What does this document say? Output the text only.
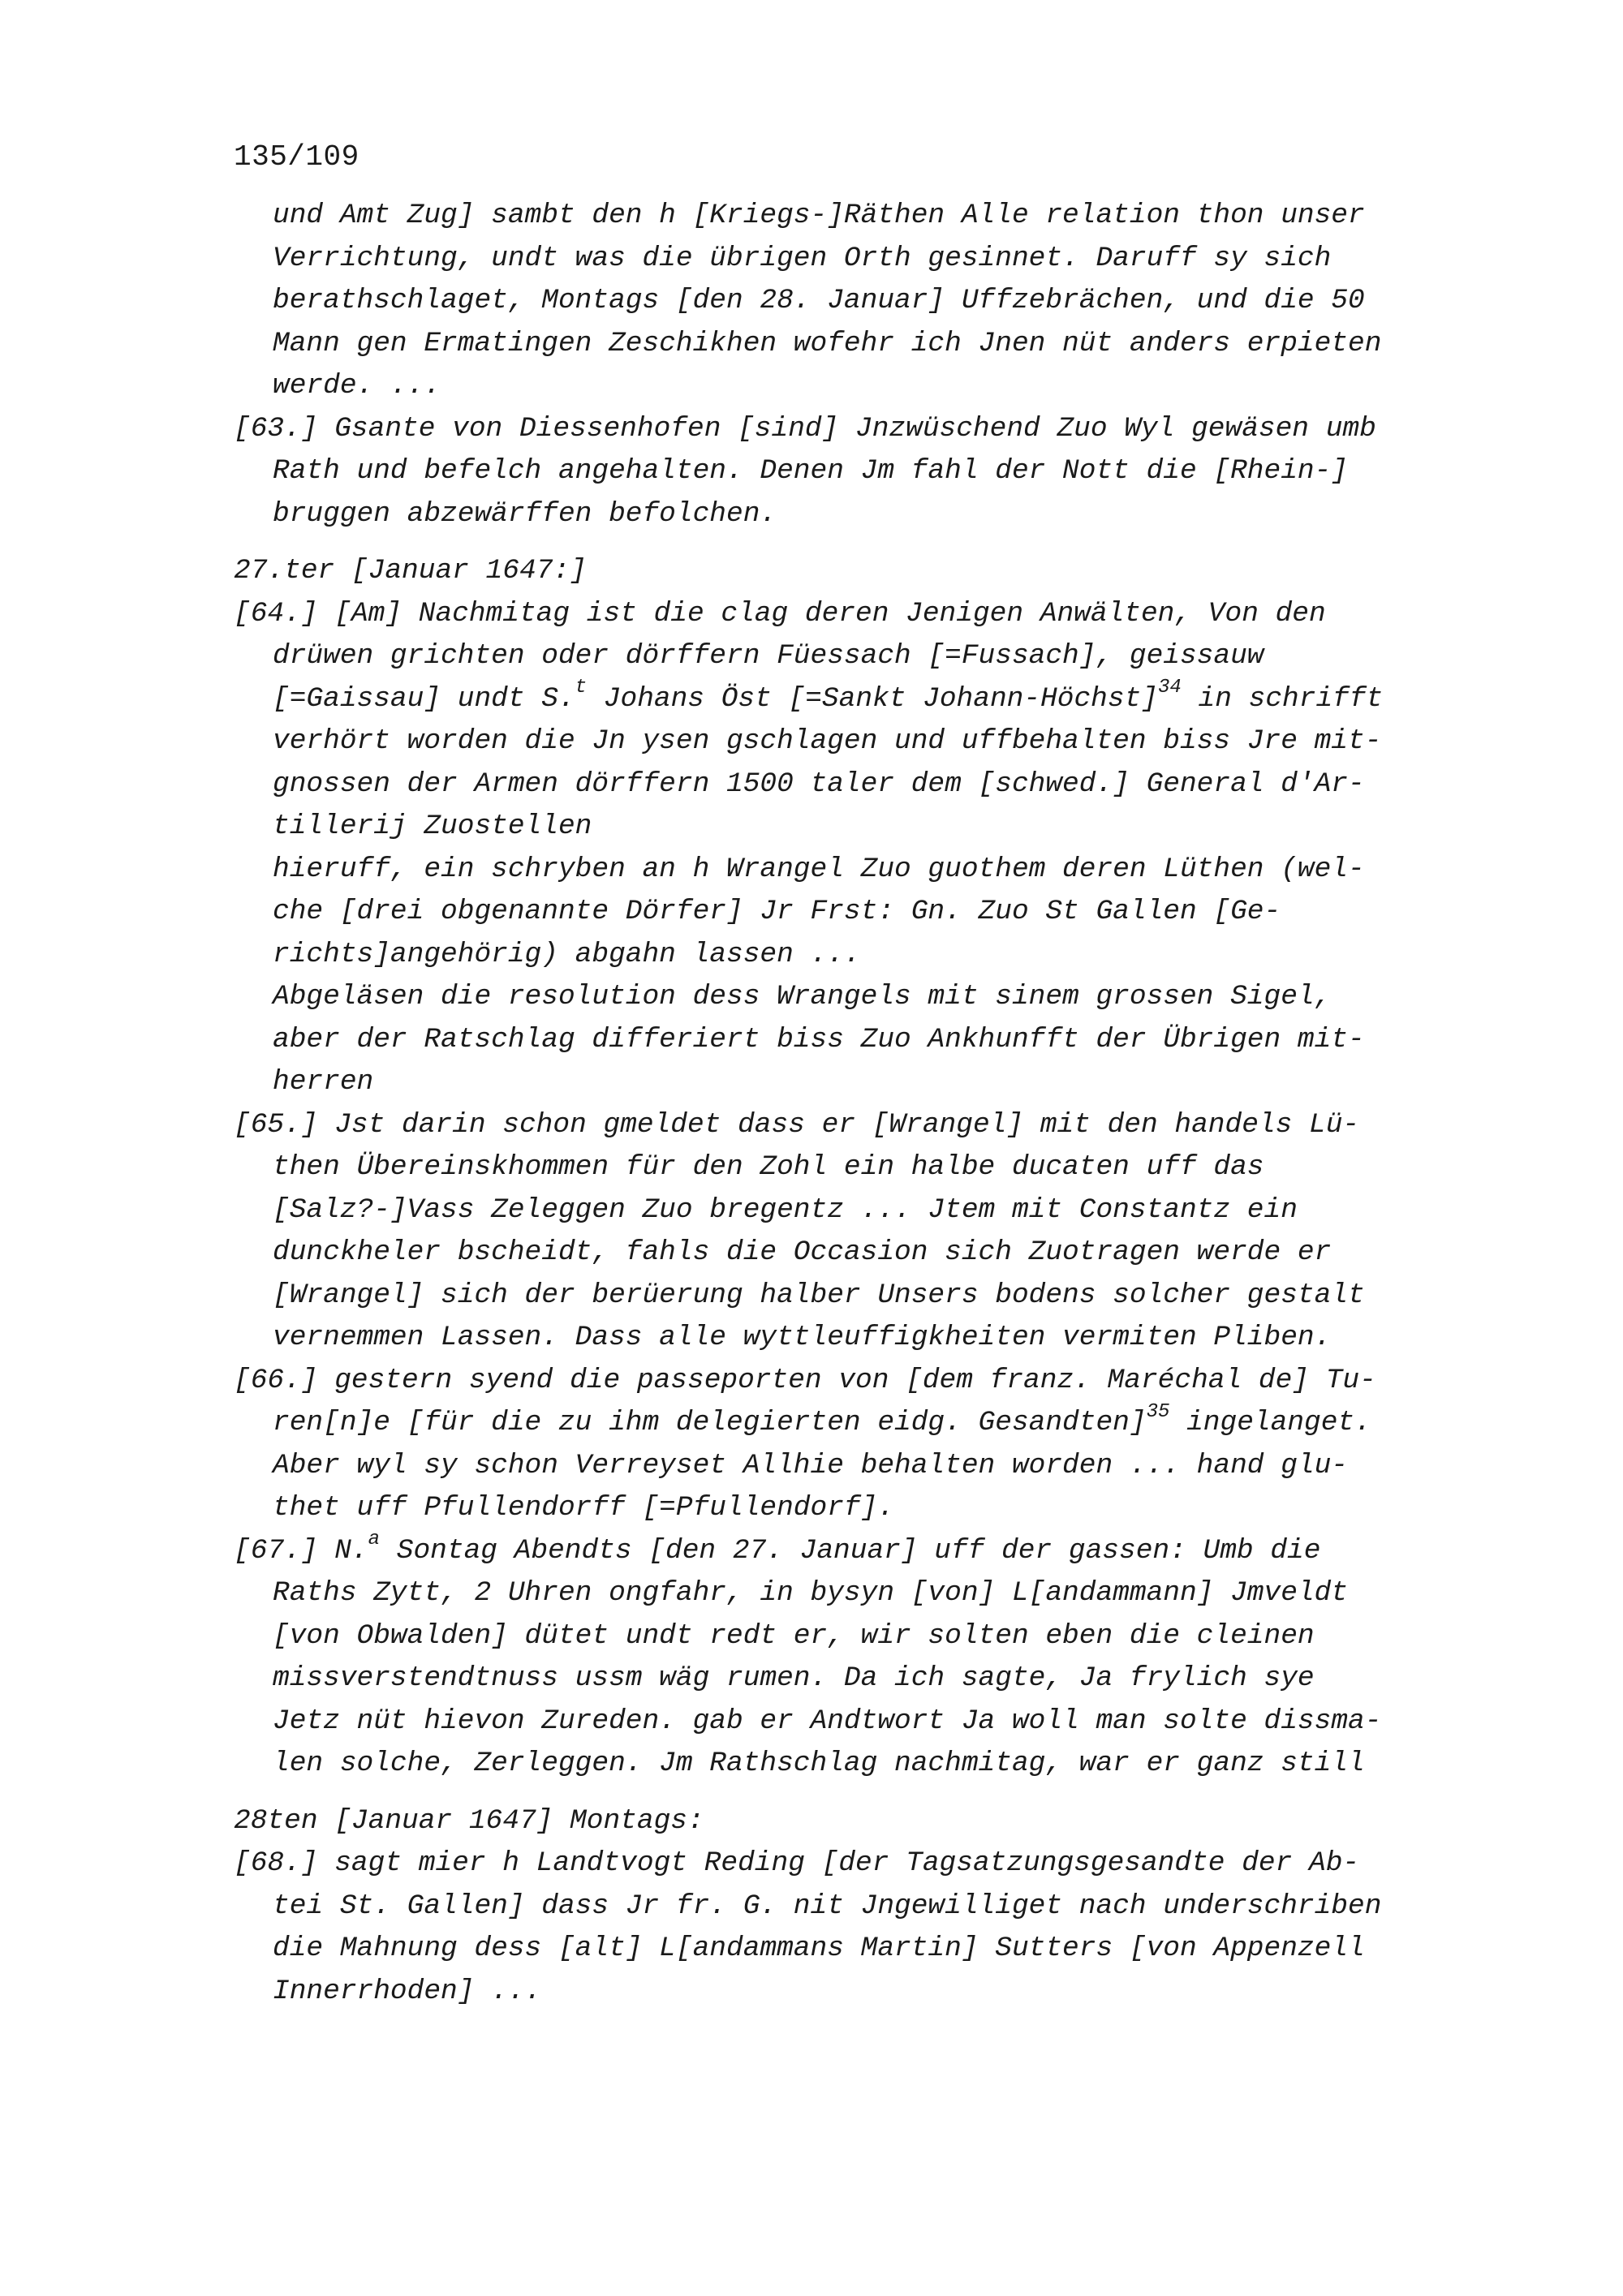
135/109
und Amt Zug] sambt den h [Kriegs-]Räthen Alle relation thon unser
Verrichtung, undt was die übrigen Orth gesinnet. Daruff sy sich
berathschlaget, Montags [den 28. Januar] Uffzebrächen, und die 50
Mann gen Ermatingen Zeschikhen wofehr ich Jnen nüt anders erpieten
werde. ...
[63.] Gsante von Diessenhofen [sind] Jnzwüschend Zuo Wyl gewäsen umb
Rath und befelch angehalten. Denen Jm fahl der Nott die [Rhein-]
bruggen abzewärffen befolchen.
27.ter [Januar 1647:]
[64.] [Am] Nachmitag ist die clag deren Jenigen Anwälten, Von den
drüwen grichten oder dörffern Füessach [=Fussach], geissauw
[=Gaissau] undt S.$^t$ Johans Öst [=Sankt Johann-Höchst]$^{34}$ in schrifft
verhört worden die Jn ysen gschlagen und uffbehalten biss Jre mit-
gnossen der Armen dörffern 1500 taler dem [schwed.] General d'Ar-
tillerij Zuostellen
hieruff, ein schryben an h Wrangel Zuo guothem deren Lüthen (wel-
che [drei obgenannte Dörfer] Jr Frst: Gn. Zuo St Gallen [Ge-
richts]angehörig) abgahn lassen ...
Abgeläsen die resolution dess Wrangels mit sinem grossen Sigel,
aber der Ratschlag differiert biss Zuo Ankhunfft der Übrigen mit-
herren
[65.] Jst darin schon gmeldet dass er [Wrangel] mit den handels Lü-
then Übereinskhommen für den Zohl ein halbe ducaten uff das
[Salz?-]Vass Zeleggen Zuo bregentz ... Jtem mit Constantz ein
dunckheler bscheidt, fahls die Occasion sich Zuotragen werde er
[Wrangel] sich der berüerung halber Unsers bodens solcher gestalt
vernemmen Lassen. Dass alle wyttleuffigkheiten vermiten Pliben.
[66.] gestern syend die passeporten von [dem franz. Maréchal de] Tu-
ren[n]e [für die zu ihm delegierten eidg. Gesandten]$^{35}$ ingelanget.
Aber wyl sy schon Verreyset Allhie behalten worden ... hand glu-
thet uff Pfullendorff [=Pfullendorf].
[67.] N.$^a$ Sontag Abendts [den 27. Januar] uff der gassen: Umb die
Raths Zytt, 2 Uhren ongfahr, in bysyn [von] L[andammann] Jmveldt
[von Obwalden] dütet undt redt er, wir solten eben die cleinen
missverstendtnuss ussm wäg rumen. Da ich sagte, Ja frylich sye
Jetz nüt hievon Zureden. gab er Andtwort Ja woll man solte dissma-
len solche, Zerleggen. Jm Rathschlag nachmitag, war er ganz still
28ten [Januar 1647] Montags:
[68.] sagt mier h Landtvogt Reding [der Tagsatzungsgesandte der Ab-
tei St. Gallen] dass Jr fr. G. nit Jngewilliget nach underschriben
die Mahnung dess [alt] L[andammans Martin] Sutters [von Appenzell
Innerrhoden] ...
